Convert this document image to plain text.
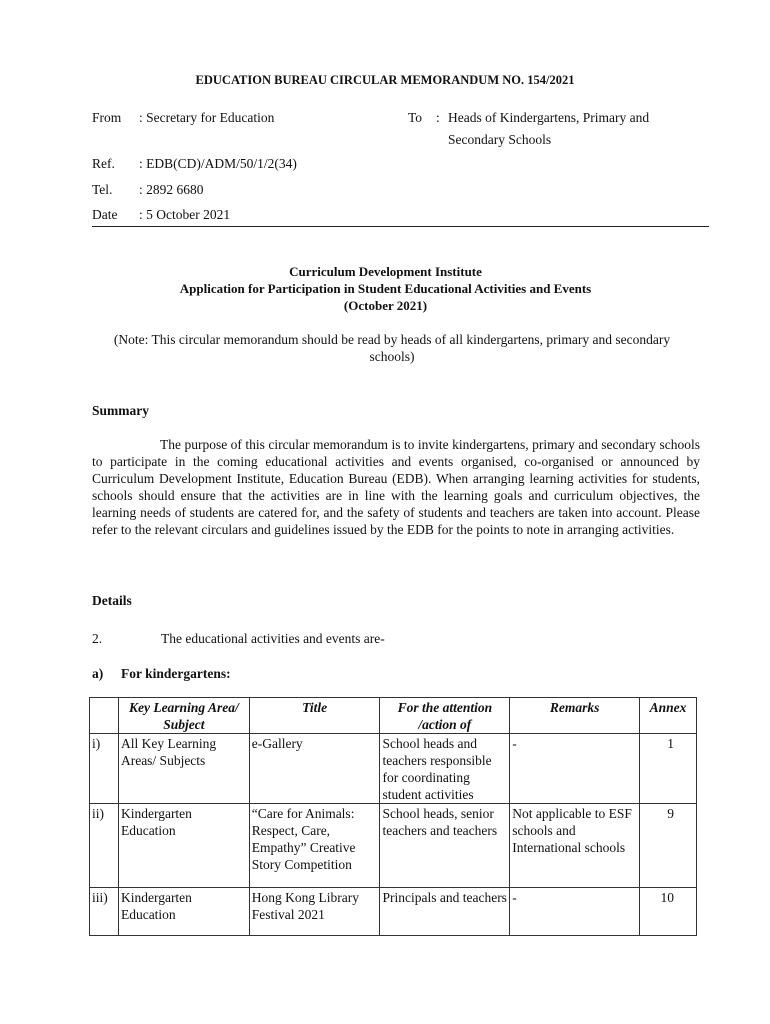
EDUCATION BUREAU CIRCULAR MEMORANDUM NO. 154/2021
From : Secretary for Education	To : Heads of Kindergartens, Primary and Secondary Schools
Ref. : EDB(CD)/ADM/50/1/2(34)
Tel. : 2892 6680
Date : 5 October 2021
Curriculum Development Institute
Application for Participation in Student Educational Activities and Events
(October 2021)
(Note: This circular memorandum should be read by heads of all kindergartens, primary and secondary schools)
Summary
The purpose of this circular memorandum is to invite kindergartens, primary and secondary schools to participate in the coming educational activities and events organised, co-organised or announced by Curriculum Development Institute, Education Bureau (EDB). When arranging learning activities for students, schools should ensure that the activities are in line with the learning goals and curriculum objectives, the learning needs of students are catered for, and the safety of students and teachers are taken into account. Please refer to the relevant circulars and guidelines issued by the EDB for the points to note in arranging activities.
Details
2.	The educational activities and events are-
a) For kindergartens:
	Key Learning Area/ Subject	Title	For the attention /action of	Remarks	Annex
i)	All Key Learning Areas/ Subjects	e-Gallery	School heads and teachers responsible for coordinating student activities	-	1
ii)	Kindergarten Education	“Care for Animals: Respect, Care, Empathy” Creative Story Competition	School heads, senior teachers and teachers	Not applicable to ESF schools and International schools	9
iii)	Kindergarten Education	Hong Kong Library Festival 2021	Principals and teachers	-	10
